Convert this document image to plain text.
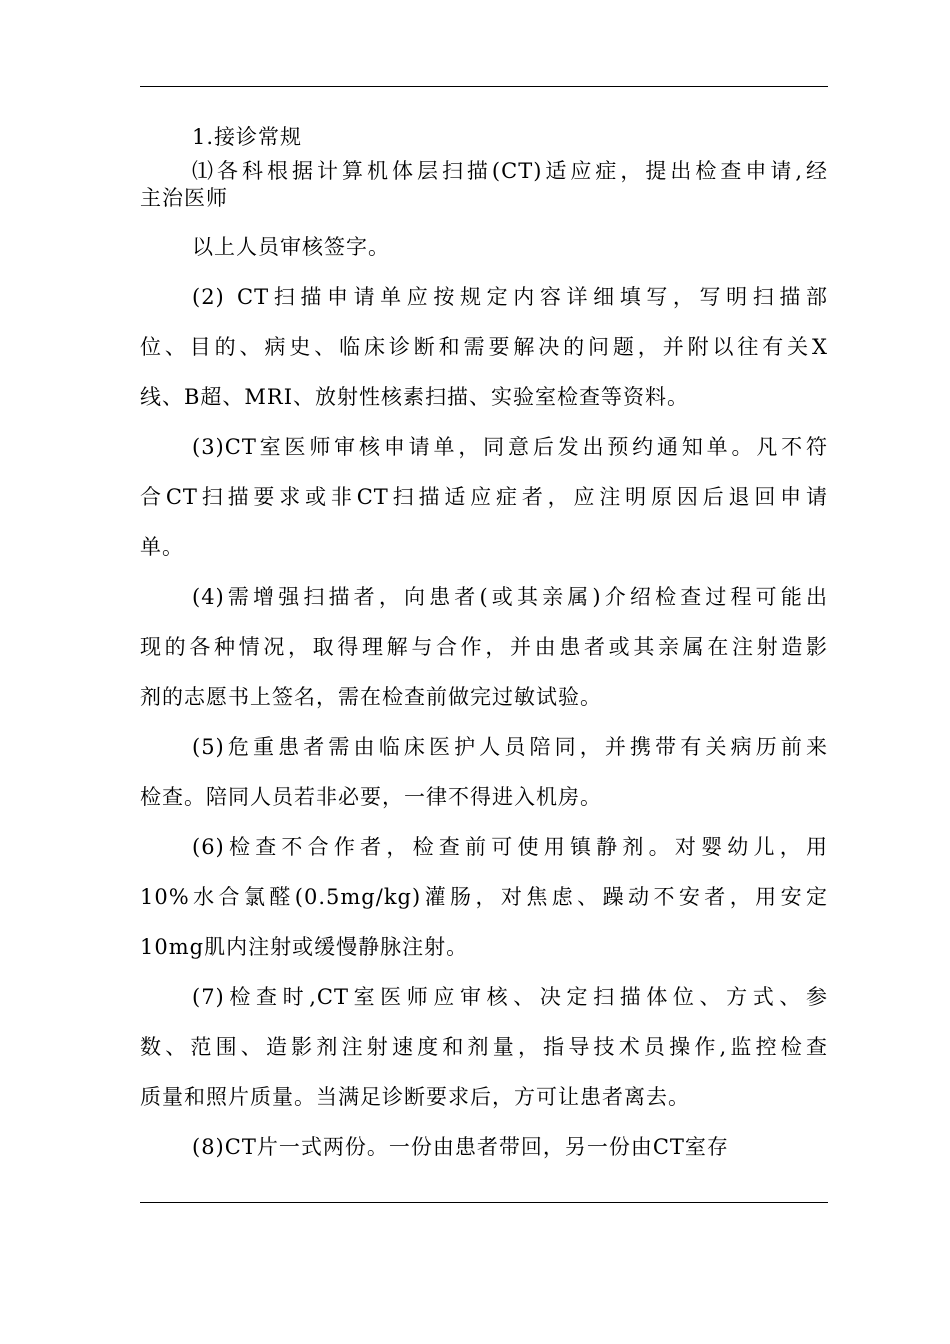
1.接诊常规

⑴各科根据计算机体层扫描(CT)适应症，提出检查申请,经
主治医师

以上人员审核签字。

(2) CT扫描申请单应按规定内容详细填写，写明扫描部
位、目的、病史、临床诊断和需要解决的问题，并附以往有关X
线、B超、MRI、放射性核素扫描、实验室检查等资料。

(3)CT室医师审核申请单，同意后发出预约通知单。凡不符
合CT扫描要求或非CT扫描适应症者，应注明原因后退回申请
单。

(4)需增强扫描者，向患者(或其亲属)介绍检查过程可能出
现的各种情况，取得理解与合作，并由患者或其亲属在注射造影
剂的志愿书上签名，需在检查前做完过敏试验。

(5)危重患者需由临床医护人员陪同，并携带有关病历前来
检查。陪同人员若非必要，一律不得进入机房。

(6)检查不合作者，检查前可使用镇静剂。对婴幼儿，用
10%水合氯醛(0.5mg/kg)灌肠，对焦虑、躁动不安者，用安定
10mg肌内注射或缓慢静脉注射。

(7)检查时,CT室医师应审核、决定扫描体位、方式、参
数、范围、造影剂注射速度和剂量，指导技术员操作,监控检查
质量和照片质量。当满足诊断要求后，方可让患者离去。

(8)CT片一式两份。一份由患者带回，另一份由CT室存
